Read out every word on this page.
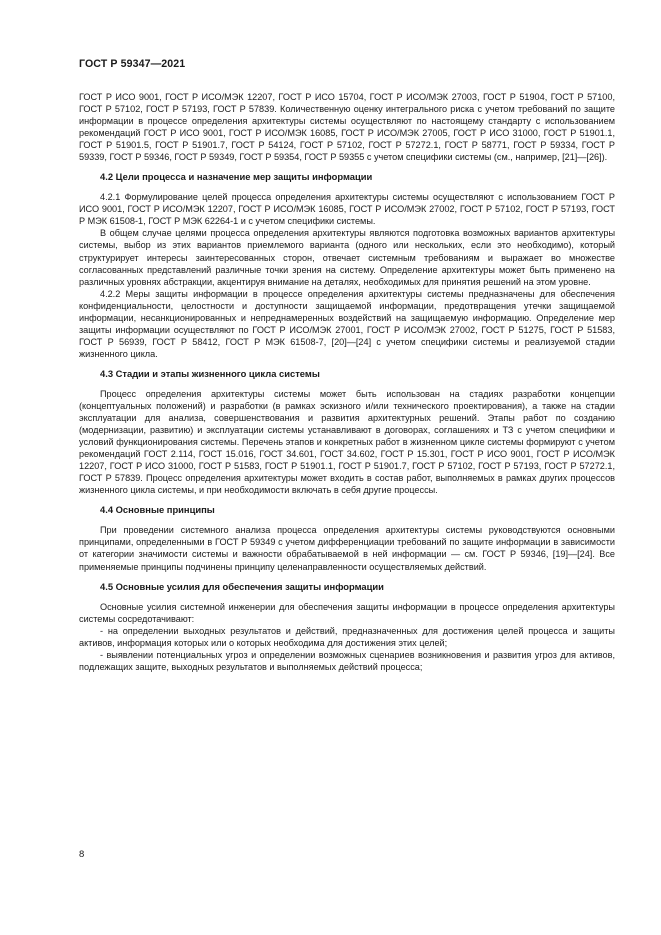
ГОСТ Р 59347—2021

ГОСТ Р ИСО 9001, ГОСТ Р ИСО/МЭК 12207, ГОСТ Р ИСО 15704, ГОСТ Р ИСО/МЭК 27003, ГОСТ Р 51904, ГОСТ Р 57100, ГОСТ Р 57102, ГОСТ Р 57193, ГОСТ Р 57839. Количественную оценку интегрального риска с учетом требований по защите информации в процессе определения архитектуры системы осуществляют по настоящему стандарту с использованием рекомендаций ГОСТ Р ИСО 9001, ГОСТ Р ИСО/МЭК 16085, ГОСТ Р ИСО/МЭК 27005, ГОСТ Р ИСО 31000, ГОСТ Р 51901.1, ГОСТ Р 51901.5, ГОСТ Р 51901.7, ГОСТ Р 54124, ГОСТ Р 57102, ГОСТ Р 57272.1, ГОСТ Р 58771, ГОСТ Р 59334, ГОСТ Р 59339, ГОСТ Р 59346, ГОСТ Р 59349, ГОСТ Р 59354, ГОСТ Р 59355 с учетом специфики системы (см., например, [21]—[26]).

4.2 Цели процесса и назначение мер защиты информации

4.2.1 Формулирование целей процесса определения архитектуры системы осуществляют с использованием ГОСТ Р ИСО 9001, ГОСТ Р ИСО/МЭК 12207, ГОСТ Р ИСО/МЭК 16085, ГОСТ Р ИСО/МЭК 27002, ГОСТ Р 57102, ГОСТ Р 57193, ГОСТ Р МЭК 61508-1, ГОСТ Р МЭК 62264-1 и с учетом специфики системы.

В общем случае целями процесса определения архитектуры являются подготовка возможных вариантов архитектуры системы, выбор из этих вариантов приемлемого варианта (одного или нескольких, если это необходимо), который структурирует интересы заинтересованных сторон, отвечает системным требованиям и выражает во множестве согласованных представлений различные точки зрения на систему. Определение архитектуры может быть применено на различных уровнях абстракции, акцентируя внимание на деталях, необходимых для принятия решений на этом уровне.

4.2.2 Меры защиты информации в процессе определения архитектуры системы предназначены для обеспечения конфиденциальности, целостности и доступности защищаемой информации, предотвращения утечки защищаемой информации, несанкционированных и непреднамеренных воздействий на защищаемую информацию. Определение мер защиты информации осуществляют по ГОСТ Р ИСО/МЭК 27001, ГОСТ Р ИСО/МЭК 27002, ГОСТ Р 51275, ГОСТ Р 51583, ГОСТ Р 56939, ГОСТ Р 58412, ГОСТ Р МЭК 61508-7, [20]—[24] с учетом специфики системы и реализуемой стадии жизненного цикла.

4.3 Стадии и этапы жизненного цикла системы

Процесс определения архитектуры системы может быть использован на стадиях разработки концепции (концептуальных положений) и разработки (в рамках эскизного и/или технического проектирования), а также на стадии эксплуатации для анализа, совершенствования и развития архитектурных решений. Этапы работ по созданию (модернизации, развитию) и эксплуатации системы устанавливают в договорах, соглашениях и ТЗ с учетом специфики и условий функционирования системы. Перечень этапов и конкретных работ в жизненном цикле системы формируют с учетом рекомендаций ГОСТ 2.114, ГОСТ 15.016, ГОСТ 34.601, ГОСТ 34.602, ГОСТ Р 15.301, ГОСТ Р ИСО 9001, ГОСТ Р ИСО/МЭК 12207, ГОСТ Р ИСО 31000, ГОСТ Р 51583, ГОСТ Р 51901.1, ГОСТ Р 51901.7, ГОСТ Р 57102, ГОСТ Р 57193, ГОСТ Р 57272.1, ГОСТ Р 57839. Процесс определения архитектуры может входить в состав работ, выполняемых в рамках других процессов жизненного цикла системы, и при необходимости включать в себя другие процессы.

4.4 Основные принципы

При проведении системного анализа процесса определения архитектуры системы руководствуются основными принципами, определенными в ГОСТ Р 59349 с учетом дифференциации требований по защите информации в зависимости от категории значимости системы и важности обрабатываемой в ней информации — см. ГОСТ Р 59346, [19]—[24]. Все применяемые принципы подчинены принципу целенаправленности осуществляемых действий.

4.5 Основные усилия для обеспечения защиты информации

Основные усилия системной инженерии для обеспечения защиты информации в процессе определения архитектуры системы сосредотачивают:

- на определении выходных результатов и действий, предназначенных для достижения целей процесса и защиты активов, информация которых или о которых необходима для достижения этих целей;

- выявлении потенциальных угроз и определении возможных сценариев возникновения и развития угроз для активов, подлежащих защите, выходных результатов и выполняемых действий процесса;

8
